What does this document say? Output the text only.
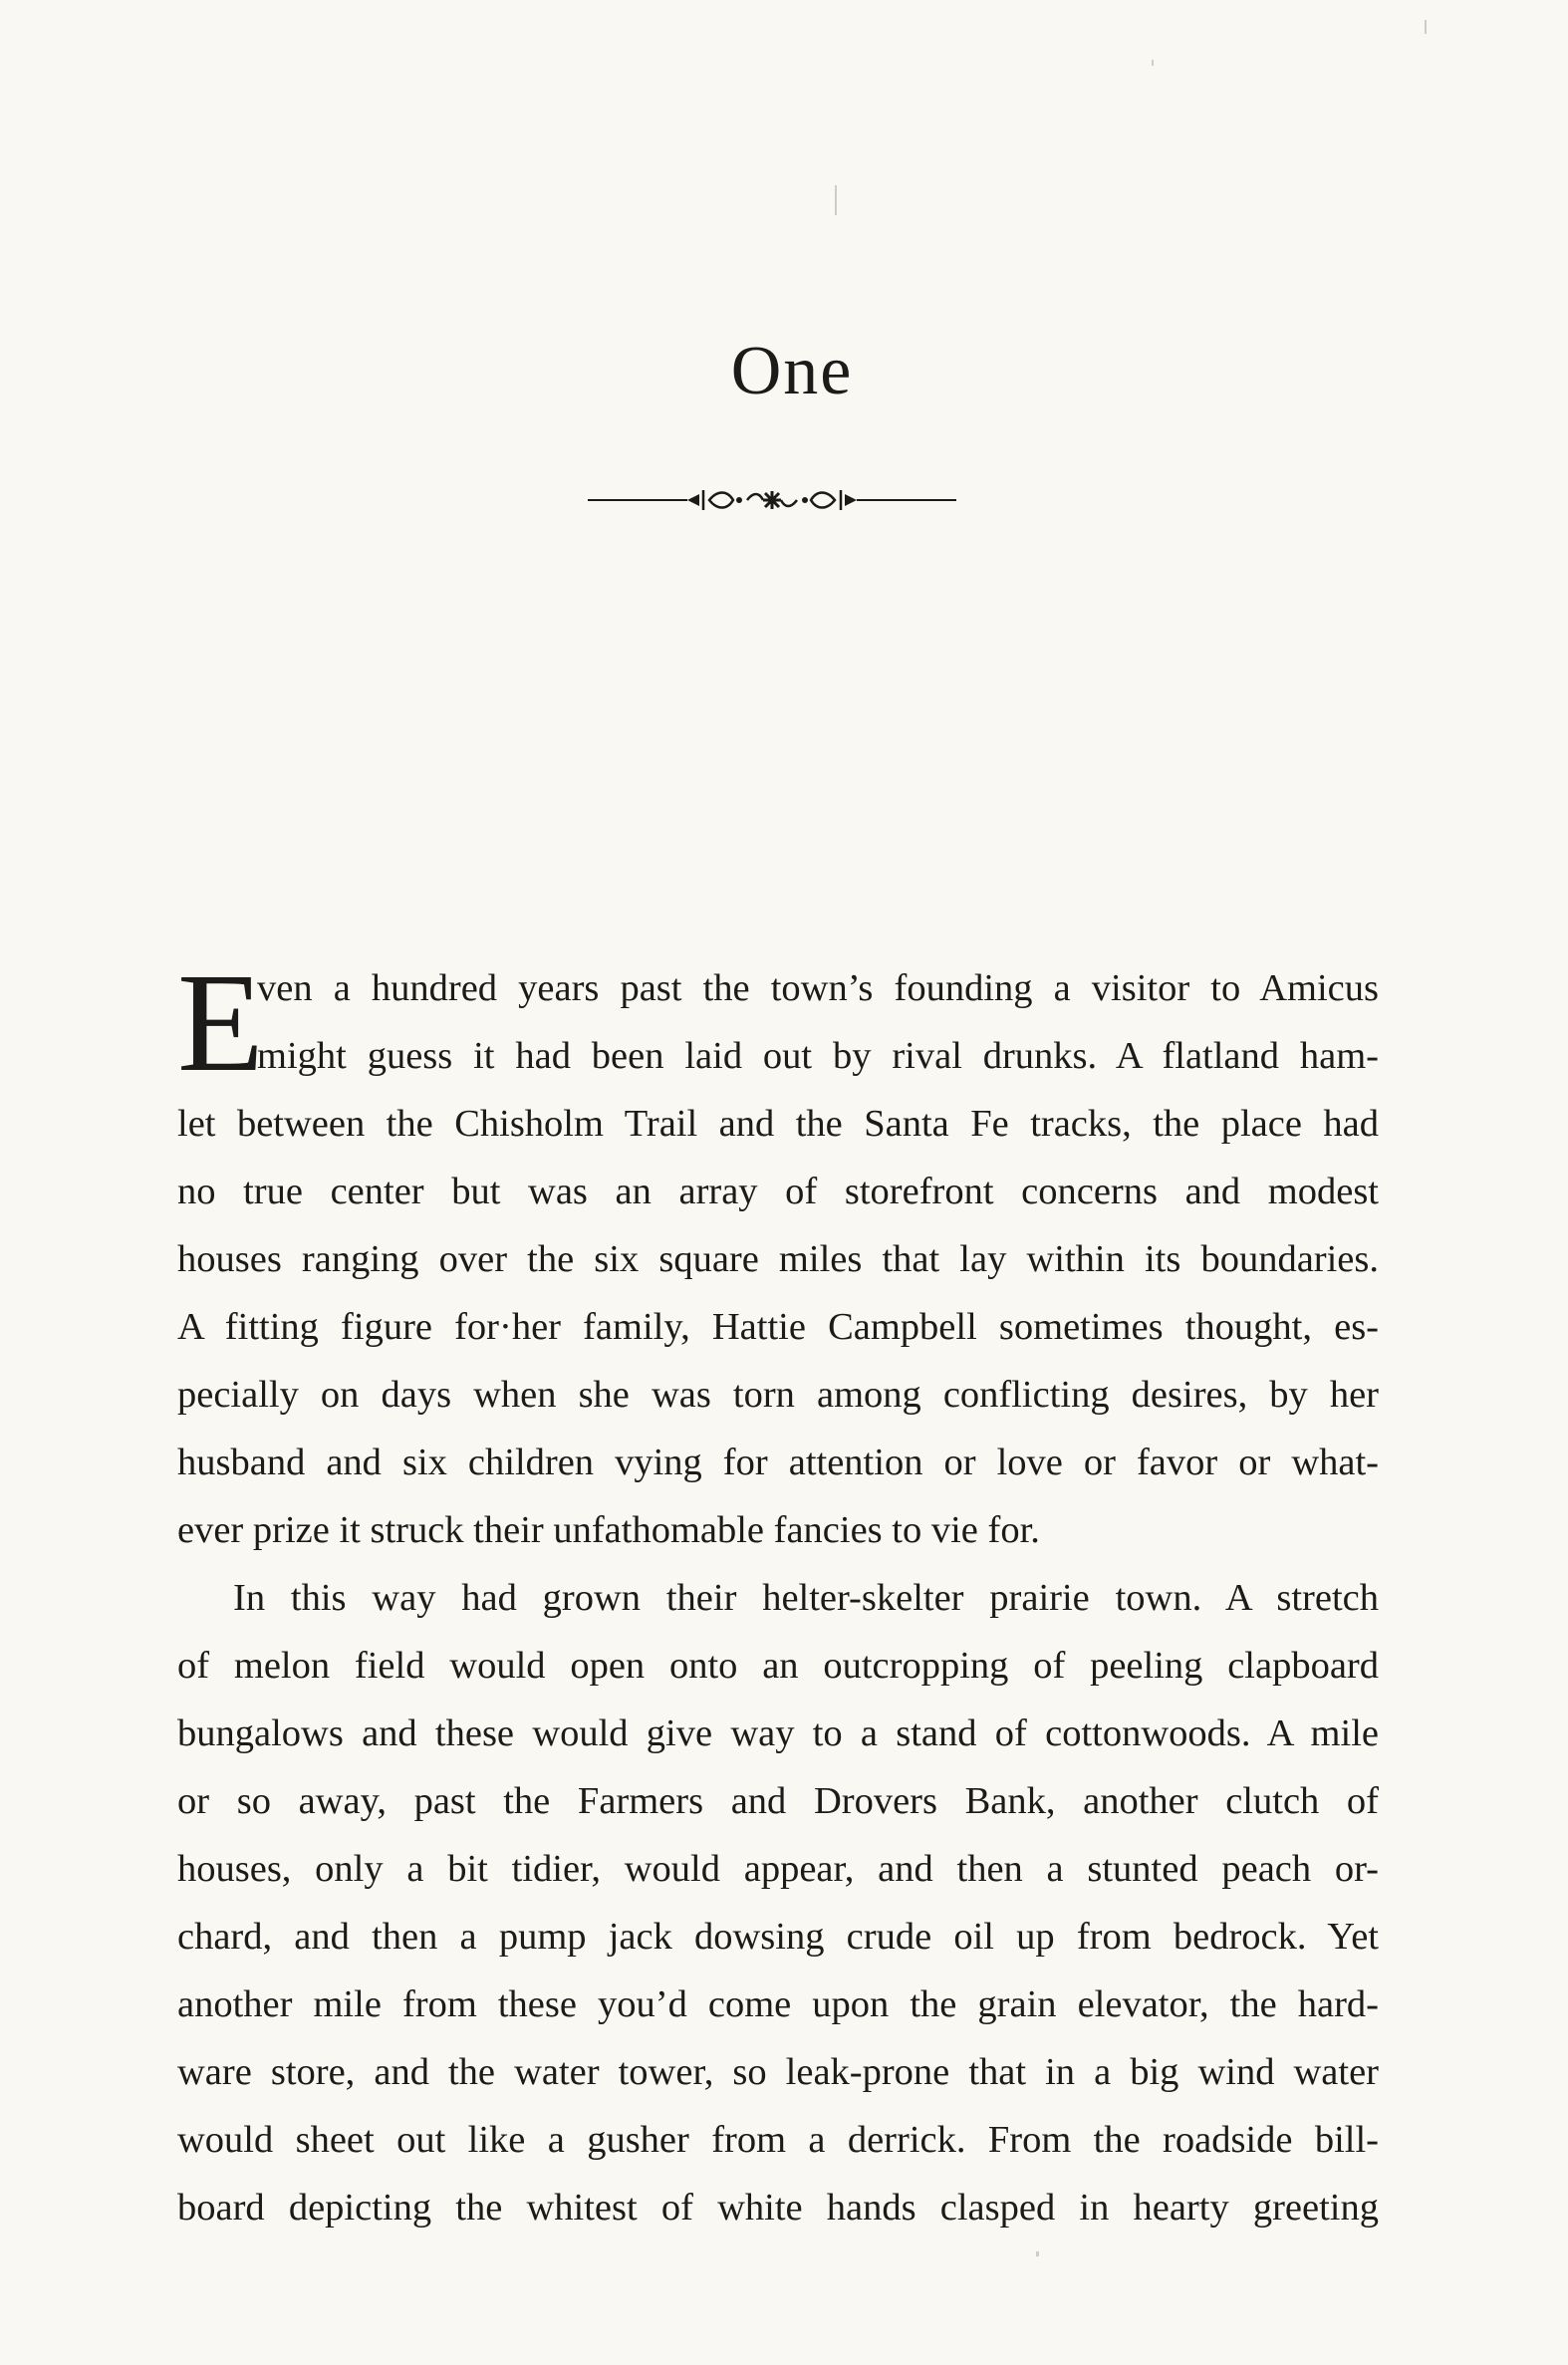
One
E
ven a hundred years past the town’s founding a visitor to Amicus
might guess it had been laid out by rival drunks. A flatland ham-
let between the Chisholm Trail and the Santa Fe tracks, the place had
no true center but was an array of storefront concerns and modest
houses ranging over the six square miles that lay within its boundaries.
A fitting figure for·her family, Hattie Campbell sometimes thought, es-
pecially on days when she was torn among conflicting desires, by her
husband and six children vying for attention or love or favor or what-
ever prize it struck their unfathomable fancies to vie for.
In this way had grown their helter-skelter prairie town. A stretch
of melon field would open onto an outcropping of peeling clapboard
bungalows and these would give way to a stand of cottonwoods. A mile
or so away, past the Farmers and Drovers Bank, another clutch of
houses, only a bit tidier, would appear, and then a stunted peach or-
chard, and then a pump jack dowsing crude oil up from bedrock. Yet
another mile from these you’d come upon the grain elevator, the hard-
ware store, and the water tower, so leak-prone that in a big wind water
would sheet out like a gusher from a derrick. From the roadside bill-
board depicting the whitest of white hands clasped in hearty greeting
